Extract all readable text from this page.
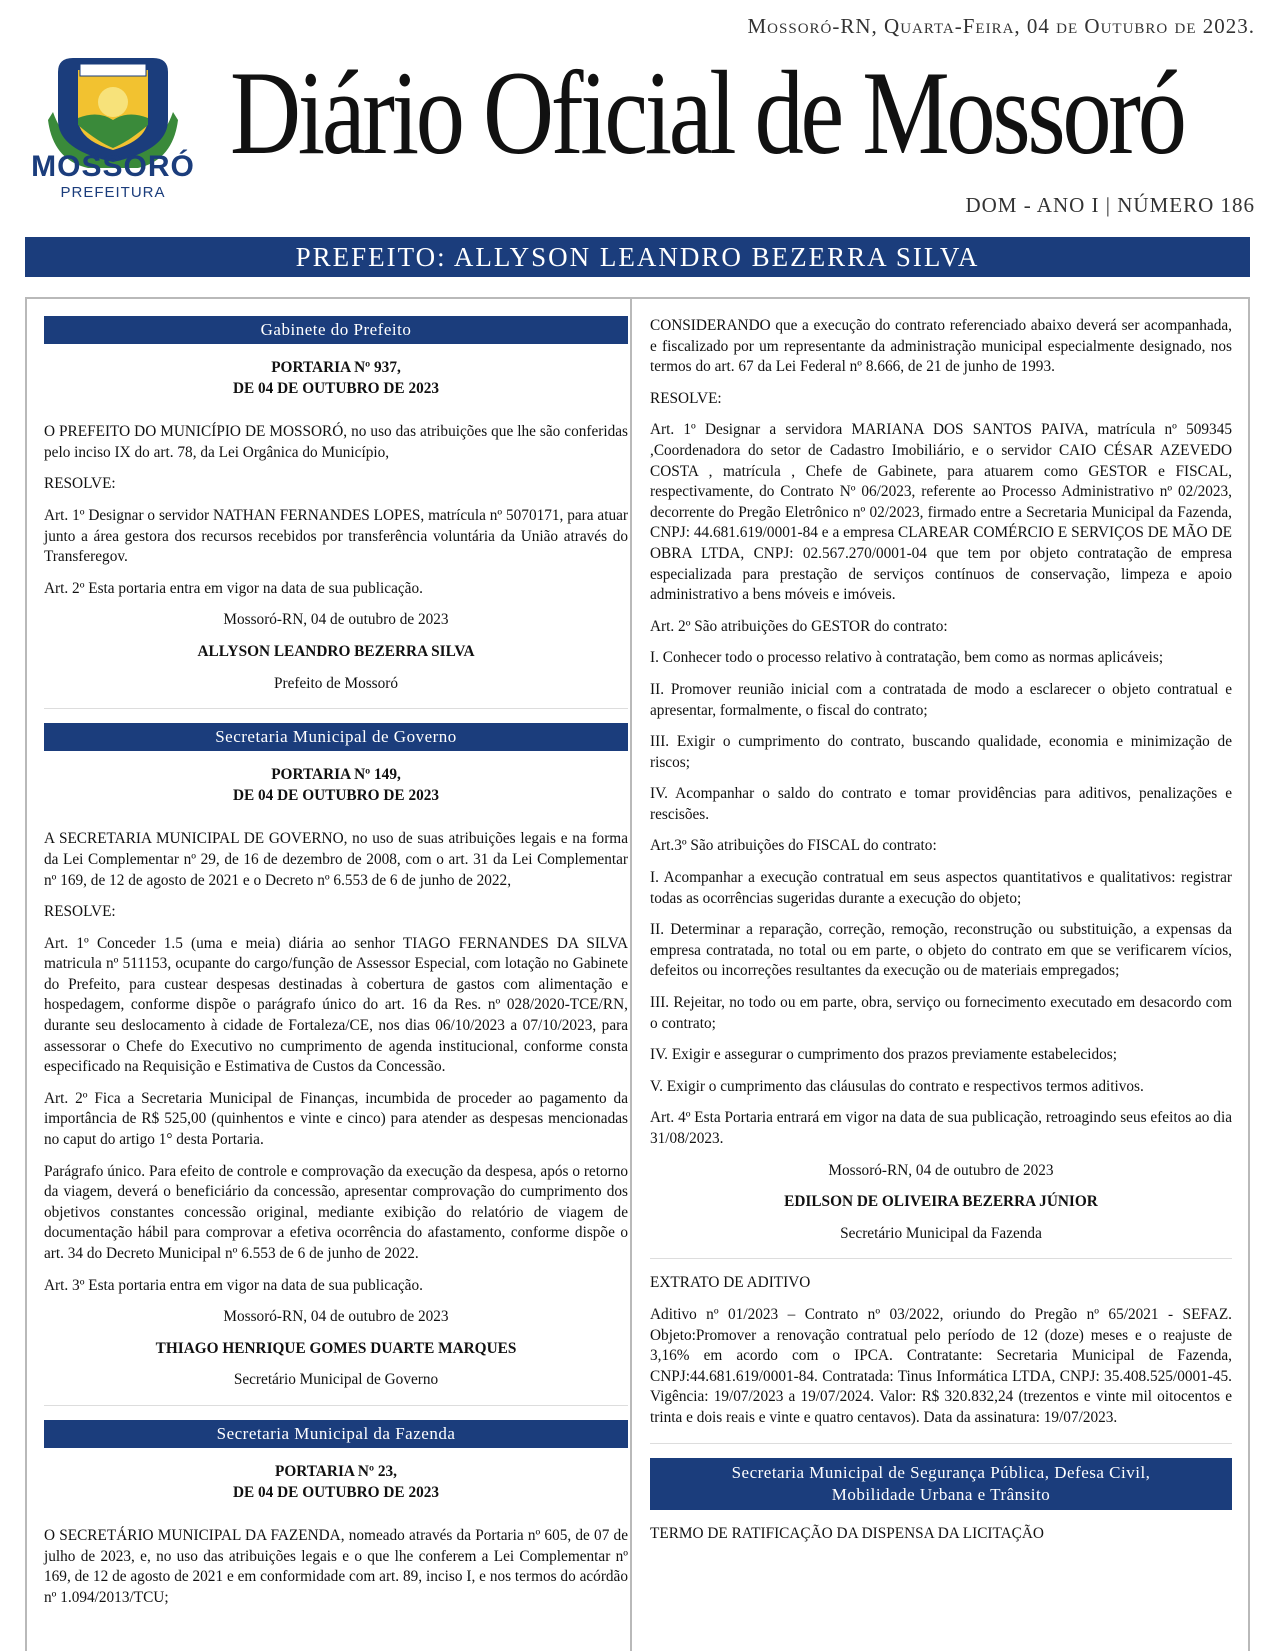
Mossoró-RN, Quarta-Feira, 04 de Outubro de 2023.
MOSSORÓ
PREFEITURA
Diário Oficial de Mossoró
DOM - ANO I | NÚMERO 186
PREFEITO: ALLYSON LEANDRO BEZERRA SILVA
Gabinete do Prefeito

PORTARIA Nº 937,

DE 04 DE OUTUBRO DE 2023

O PREFEITO DO MUNICÍPIO DE MOSSORÓ, no uso das atribuições que lhe são conferidas pelo inciso IX do art. 78, da Lei Orgânica do Município,

RESOLVE:

Art. 1º Designar o servidor NATHAN FERNANDES LOPES, matrícula nº 5070171, para atuar junto a área gestora dos recursos recebidos por transferência voluntária da União através do Transferegov.

Art. 2º Esta portaria entra em vigor na data de sua publicação.

Mossoró-RN, 04 de outubro de 2023

ALLYSON LEANDRO BEZERRA SILVA

Prefeito de Mossoró

Secretaria Municipal de Governo

PORTARIA Nº 149,

DE 04 DE OUTUBRO DE 2023

A SECRETARIA MUNICIPAL DE GOVERNO, no uso de suas atribuições legais e na forma da Lei Complementar nº 29, de 16 de dezembro de 2008, com o art. 31 da Lei Complementar nº 169, de 12 de agosto de 2021 e o Decreto nº 6.553 de 6 de junho de 2022,

RESOLVE:

Art. 1º Conceder 1.5 (uma e meia) diária ao senhor TIAGO FERNANDES DA SILVA matricula nº 511153, ocupante do cargo/função de Assessor Especial, com lotação no Gabinete do Prefeito, para custear despesas destinadas à cobertura de gastos com alimentação e hospedagem, conforme dispõe o parágrafo único do art. 16 da Res. nº 028/2020-TCE/RN, durante seu deslocamento à cidade de Fortaleza/CE, nos dias 06/10/2023 a 07/10/2023, para assessorar o Chefe do Executivo no cumprimento de agenda institucional, conforme consta especificado na Requisição e Estimativa de Custos da Concessão.

Art. 2º Fica a Secretaria Municipal de Finanças, incumbida de proceder ao pagamento da importância de R$ 525,00 (quinhentos e vinte e cinco) para atender as despesas mencionadas no caput do artigo 1° desta Portaria.

Parágrafo único. Para efeito de controle e comprovação da execução da despesa, após o retorno da viagem, deverá o beneficiário da concessão, apresentar comprovação do cumprimento dos objetivos constantes concessão original, mediante exibição do relatório de viagem de documentação hábil para comprovar a efetiva ocorrência do afastamento, conforme dispõe o art. 34 do Decreto Municipal nº 6.553 de 6 de junho de 2022.

Art. 3º Esta portaria entra em vigor na data de sua publicação.

Mossoró-RN, 04 de outubro de 2023

THIAGO HENRIQUE GOMES DUARTE MARQUES

Secretário Municipal de Governo

Secretaria Municipal da Fazenda

PORTARIA Nº 23,

DE 04 DE OUTUBRO DE 2023

O SECRETÁRIO MUNICIPAL DA FAZENDA, nomeado através da Portaria nº 605, de 07 de julho de 2023, e, no uso das atribuições legais e o que lhe conferem a Lei Complementar nº 169, de 12 de agosto de 2021 e em conformidade com art. 89, inciso I, e nos termos do acórdão nº 1.094/2013/TCU;

CONSIDERANDO que a execução do contrato referenciado abaixo deverá ser acompanhada, e fiscalizado por um representante da administração municipal especialmente designado, nos termos do art. 67 da Lei Federal nº 8.666, de 21 de junho de 1993.

RESOLVE:

Art. 1º Designar a servidora MARIANA DOS SANTOS PAIVA, matrícula nº 509345 ,Coordenadora do setor de Cadastro Imobiliário, e o servidor CAIO CÉSAR AZEVEDO COSTA , matrícula , Chefe de Gabinete, para atuarem como GESTOR e FISCAL, respectivamente, do Contrato Nº 06/2023, referente ao Processo Administrativo nº 02/2023, decorrente do Pregão Eletrônico nº 02/2023, firmado entre a Secretaria Municipal da Fazenda, CNPJ: 44.681.619/0001-84 e a empresa CLAREAR COMÉRCIO E SERVIÇOS DE MÃO DE OBRA LTDA, CNPJ: 02.567.270/0001-04 que tem por objeto contratação de empresa especializada para prestação de serviços contínuos de conservação, limpeza e apoio administrativo a bens móveis e imóveis.

Art. 2º São atribuições do GESTOR do contrato:

I. Conhecer todo o processo relativo à contratação, bem como as normas aplicáveis;

II. Promover reunião inicial com a contratada de modo a esclarecer o objeto contratual e apresentar, formalmente, o fiscal do contrato;

III. Exigir o cumprimento do contrato, buscando qualidade, economia e minimização de riscos;

IV. Acompanhar o saldo do contrato e tomar providências para aditivos, penalizações e rescisões.

Art.3º São atribuições do FISCAL do contrato:

I. Acompanhar a execução contratual em seus aspectos quantitativos e qualitativos: registrar todas as ocorrências sugeridas durante a execução do objeto;

II. Determinar a reparação, correção, remoção, reconstrução ou substituição, a expensas da empresa contratada, no total ou em parte, o objeto do contrato em que se verificarem vícios, defeitos ou incorreções resultantes da execução ou de materiais empregados;

III. Rejeitar, no todo ou em parte, obra, serviço ou fornecimento executado em desacordo com o contrato;

IV. Exigir e assegurar o cumprimento dos prazos previamente estabelecidos;

V. Exigir o cumprimento das cláusulas do contrato e respectivos termos aditivos.

Art. 4º Esta Portaria entrará em vigor na data de sua publicação, retroagindo seus efeitos ao dia 31/08/2023.

Mossoró-RN, 04 de outubro de 2023

EDILSON DE OLIVEIRA BEZERRA JÚNIOR

Secretário Municipal da Fazenda

EXTRATO DE ADITIVO

Aditivo nº 01/2023 – Contrato nº 03/2022, oriundo do Pregão nº 65/2021 - SEFAZ. Objeto:Promover a renovação contratual pelo período de 12 (doze) meses e o reajuste de 3,16% em acordo com o IPCA. Contratante: Secretaria Municipal de Fazenda, CNPJ:44.681.619/0001-84. Contratada: Tinus Informática LTDA, CNPJ: 35.408.525/0001-45. Vigência: 19/07/2023 a 19/07/2024. Valor: R$ 320.832,24 (trezentos e vinte mil oitocentos e trinta e dois reais e vinte e quatro centavos). Data da assinatura: 19/07/2023.

Secretaria Municipal de Segurança Pública, Defesa Civil,
Mobilidade Urbana e Trânsito

TERMO DE RATIFICAÇÃO DA DISPENSA DA LICITAÇÃO
